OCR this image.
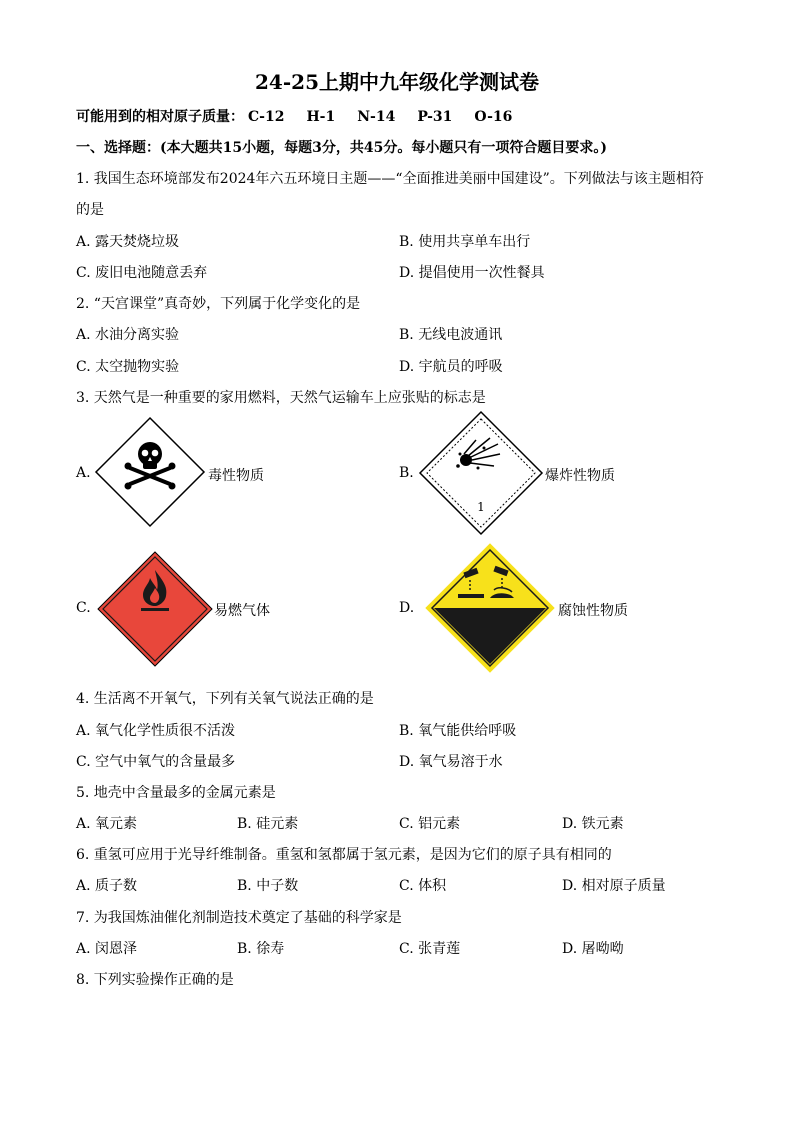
24-25上期中九年级化学测试卷
可能用到的相对原子质量： C-12 H-1 N-14 P-31 O-16
一、选择题：(本大题共15小题，每题3分，共45分。每小题只有一项符合题目要求。)
1. 我国生态环境部发布2024年六五环境日主题——“全面推进美丽中国建设”。下列做法与该主题相符
的是
A. 露天焚烧垃圾	B. 使用共享单车出行
C. 废旧电池随意丢弃	D. 提倡使用一次性餐具
2. “天宫课堂”真奇妙，下列属于化学变化的是
A. 水油分离实验	B. 无线电波通讯
C. 太空抛物实验	D. 宇航员的呼吸
3. 天然气是一种重要的家用燃料，天然气运输车上应张贴的标志是
A.	毒性物质	B.
1
爆炸性物质
C.	易燃气体	D.	腐蚀性物质
4. 生活离不开氧气，下列有关氧气说法正确的是
A. 氧气化学性质很不活泼	B. 氧气能供给呼吸
C. 空气中氧气的含量最多	D. 氧气易溶于水
5. 地壳中含量最多的金属元素是
A. 氧元素	B. 硅元素	C. 铝元素	D. 铁元素
6. 重氢可应用于光导纤维制备。重氢和氢都属于氢元素，是因为它们的原子具有相同的
A. 质子数	B. 中子数	C. 体积	D. 相对原子质量
7. 为我国炼油催化剂制造技术奠定了基础的科学家是
A. 闵恩泽	B. 徐寿	C. 张青莲	D. 屠呦呦
8. 下列实验操作正确的是
